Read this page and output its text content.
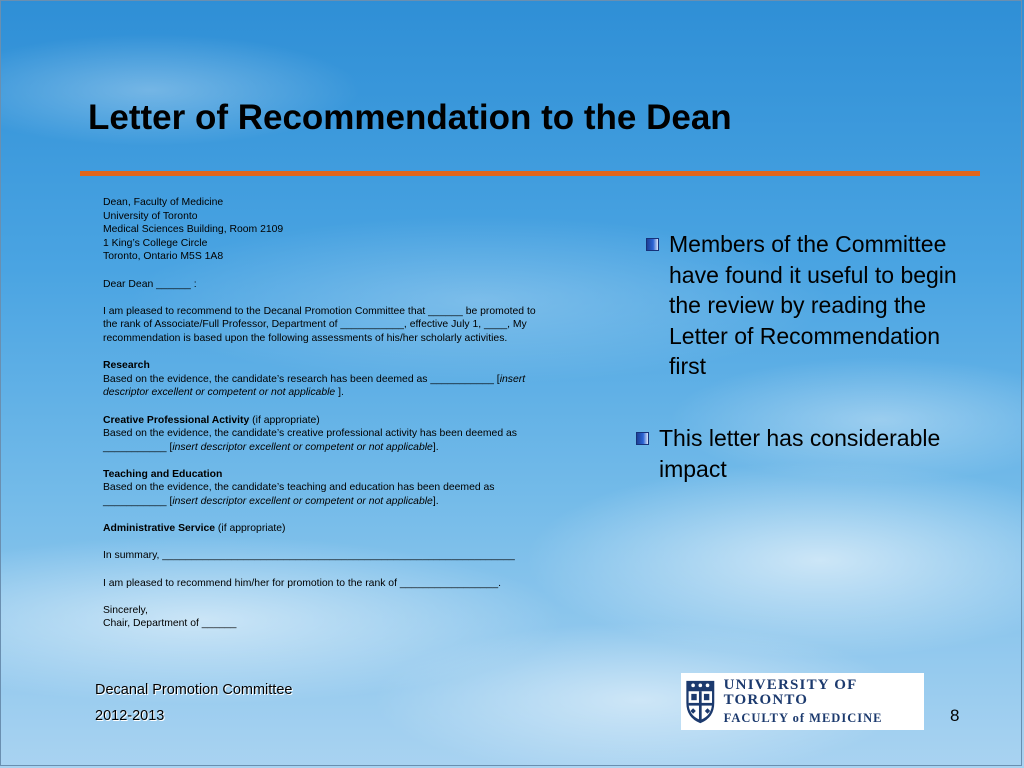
Letter of Recommendation to the Dean
Dean, Faculty of Medicine
University of Toronto
Medical Sciences Building, Room 2109
1 King’s College Circle
Toronto, Ontario M5S 1A8
Dear Dean ______ :
I am pleased to recommend to the Decanal Promotion Committee that ______ be promoted to
the rank of Associate/Full Professor, Department of ___________, effective July 1, ____, My
recommendation is based upon the following assessments of his/her scholarly activities.
Research
Based on the evidence, the candidate’s research has been deemed as ___________ [insert
descriptor excellent or competent or not applicable ].
Creative Professional Activity (if appropriate)
Based on the evidence, the candidate’s creative professional activity has been deemed as
___________ [insert descriptor excellent or competent or not applicable].
Teaching and Education
Based on the evidence, the candidate’s teaching and education has been deemed as
___________ [insert descriptor excellent or competent or not applicable].
Administrative Service (if appropriate)
In summary, _____________________________________________________________
I am pleased to recommend him/her for promotion to the rank of _________________.
Sincerely,
Chair, Department of ______
Members of the Committee have found it useful to begin the review by reading the Letter of Recommendation first
This letter has considerable impact
Decanal Promotion Committee
2012-2013
UNIVERSITY OF TORONTO
FACULTY of MEDICINE	8
